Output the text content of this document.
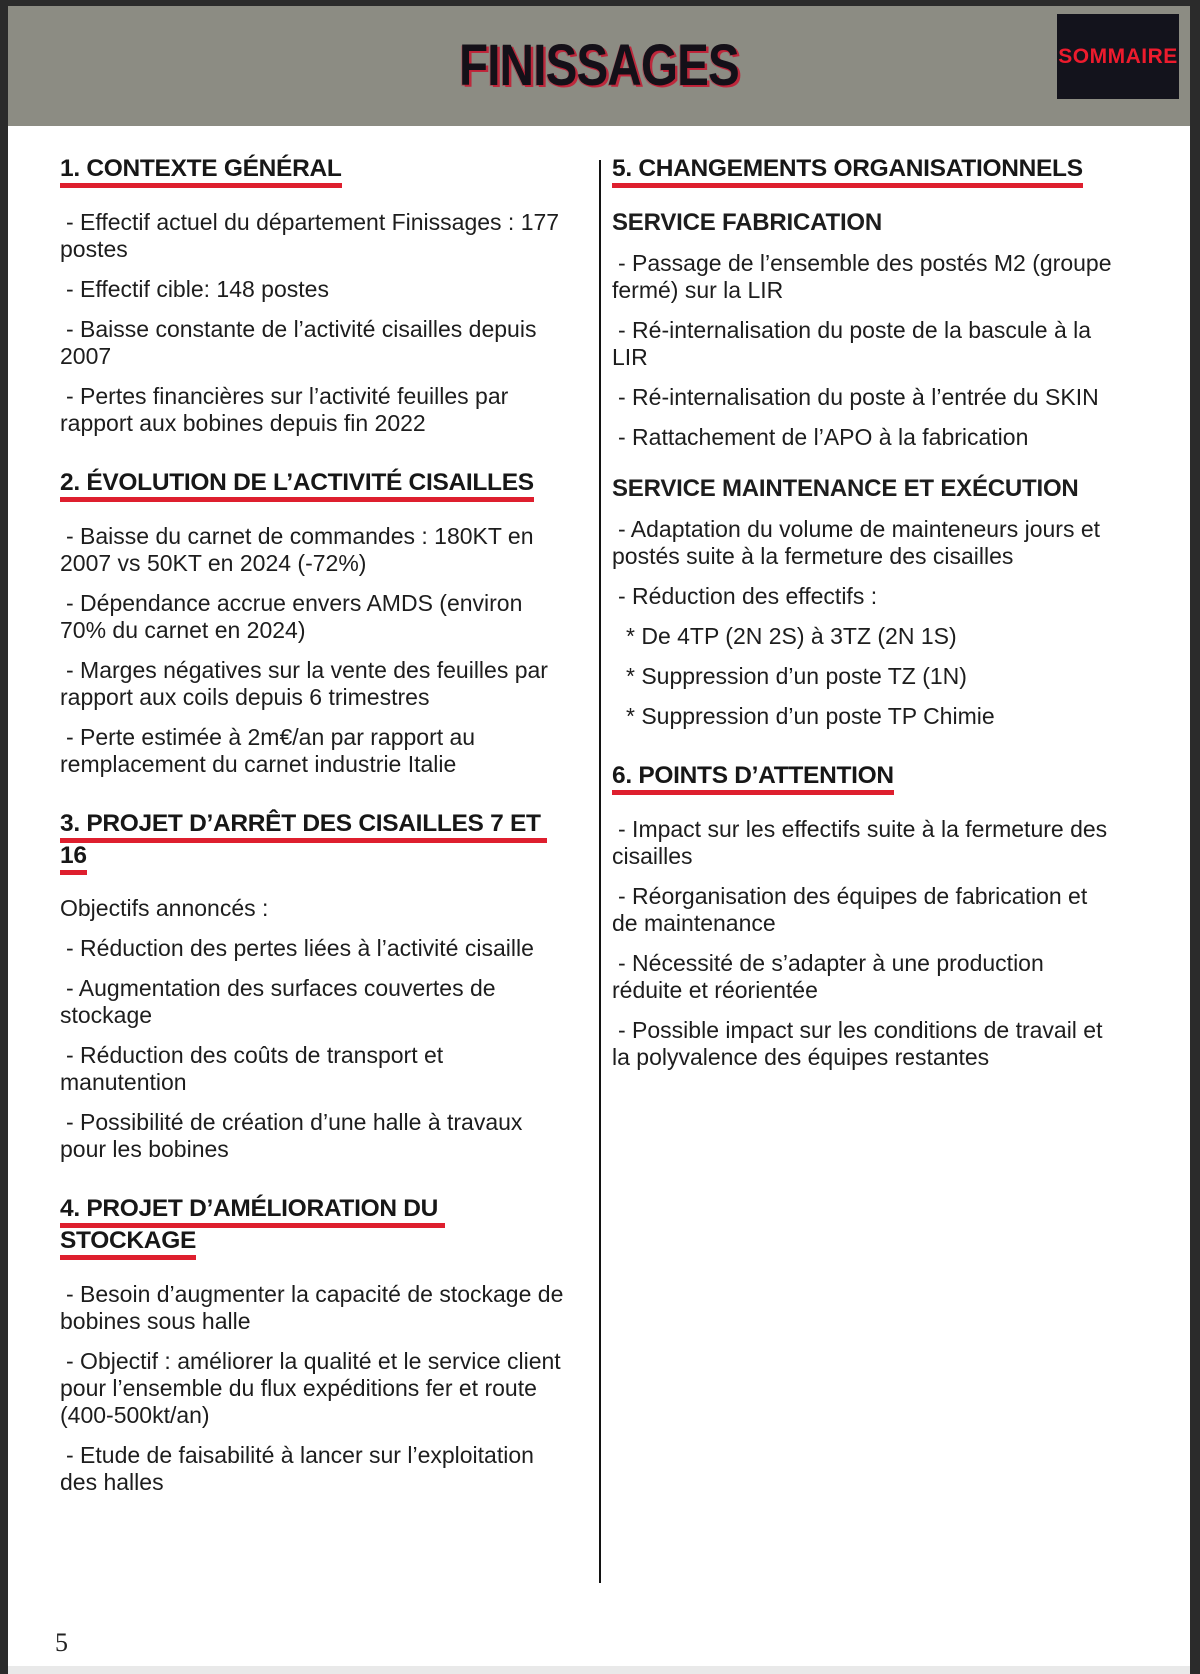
FINISSAGES	SOMMAIRE
1. CONTEXTE GÉNÉRAL

- Effectif actuel du département Finissages : 177 postes

- Effectif cible: 148 postes

- Baisse constante de l’activité cisailles depuis 2007

- Pertes financières sur l’activité feuilles par rapport aux bobines depuis fin 2022

2. ÉVOLUTION DE L’ACTIVITÉ CISAILLES

- Baisse du carnet de commandes : 180KT en 2007 vs 50KT en 2024 (-72%)

- Dépendance accrue envers AMDS (environ 70% du carnet en 2024)

- Marges négatives sur la vente des feuilles par rapport aux coils depuis 6 trimestres

- Perte estimée à 2m€/an par rapport au remplacement du carnet industrie Italie

3. PROJET D’ARRÊT DES CISAILLES 7 ET 16

Objectifs annoncés :

- Réduction des pertes liées à l’activité cisaille

- Augmentation des surfaces couvertes de stockage

- Réduction des coûts de transport et manutention

- Possibilité de création d’une halle à travaux pour les bobines

4. PROJET D’AMÉLIORATION DU
STOCKAGE

- Besoin d’augmenter la capacité de stockage de bobines sous halle

- Objectif : améliorer la qualité et le service client pour l’ensemble du flux expéditions fer et route (400-500kt/an)

- Etude de faisabilité à lancer sur l’exploitation des halles

5. CHANGEMENTS ORGANISATIONNELS

SERVICE FABRICATION

- Passage de l’ensemble des postés M2 (groupe fermé) sur la LIR

- Ré-internalisation du poste de la bascule à la LIR

- Ré-internalisation du poste à l’entrée du SKIN

- Rattachement de l’APO à la fabrication

SERVICE MAINTENANCE ET EXÉCUTION

- Adaptation du volume de mainteneurs jours et postés suite à la fermeture des cisailles

- Réduction des effectifs :

* De 4TP (2N 2S) à 3TZ (2N 1S)

* Suppression d’un poste TZ (1N)

* Suppression d’un poste TP Chimie

6. POINTS D’ATTENTION

- Impact sur les effectifs suite à la fermeture des cisailles

- Réorganisation des équipes de fabrication et de maintenance

- Nécessité de s’adapter à une production réduite et réorientée

- Possible impact sur les conditions de travail et la polyvalence des équipes restantes

5
